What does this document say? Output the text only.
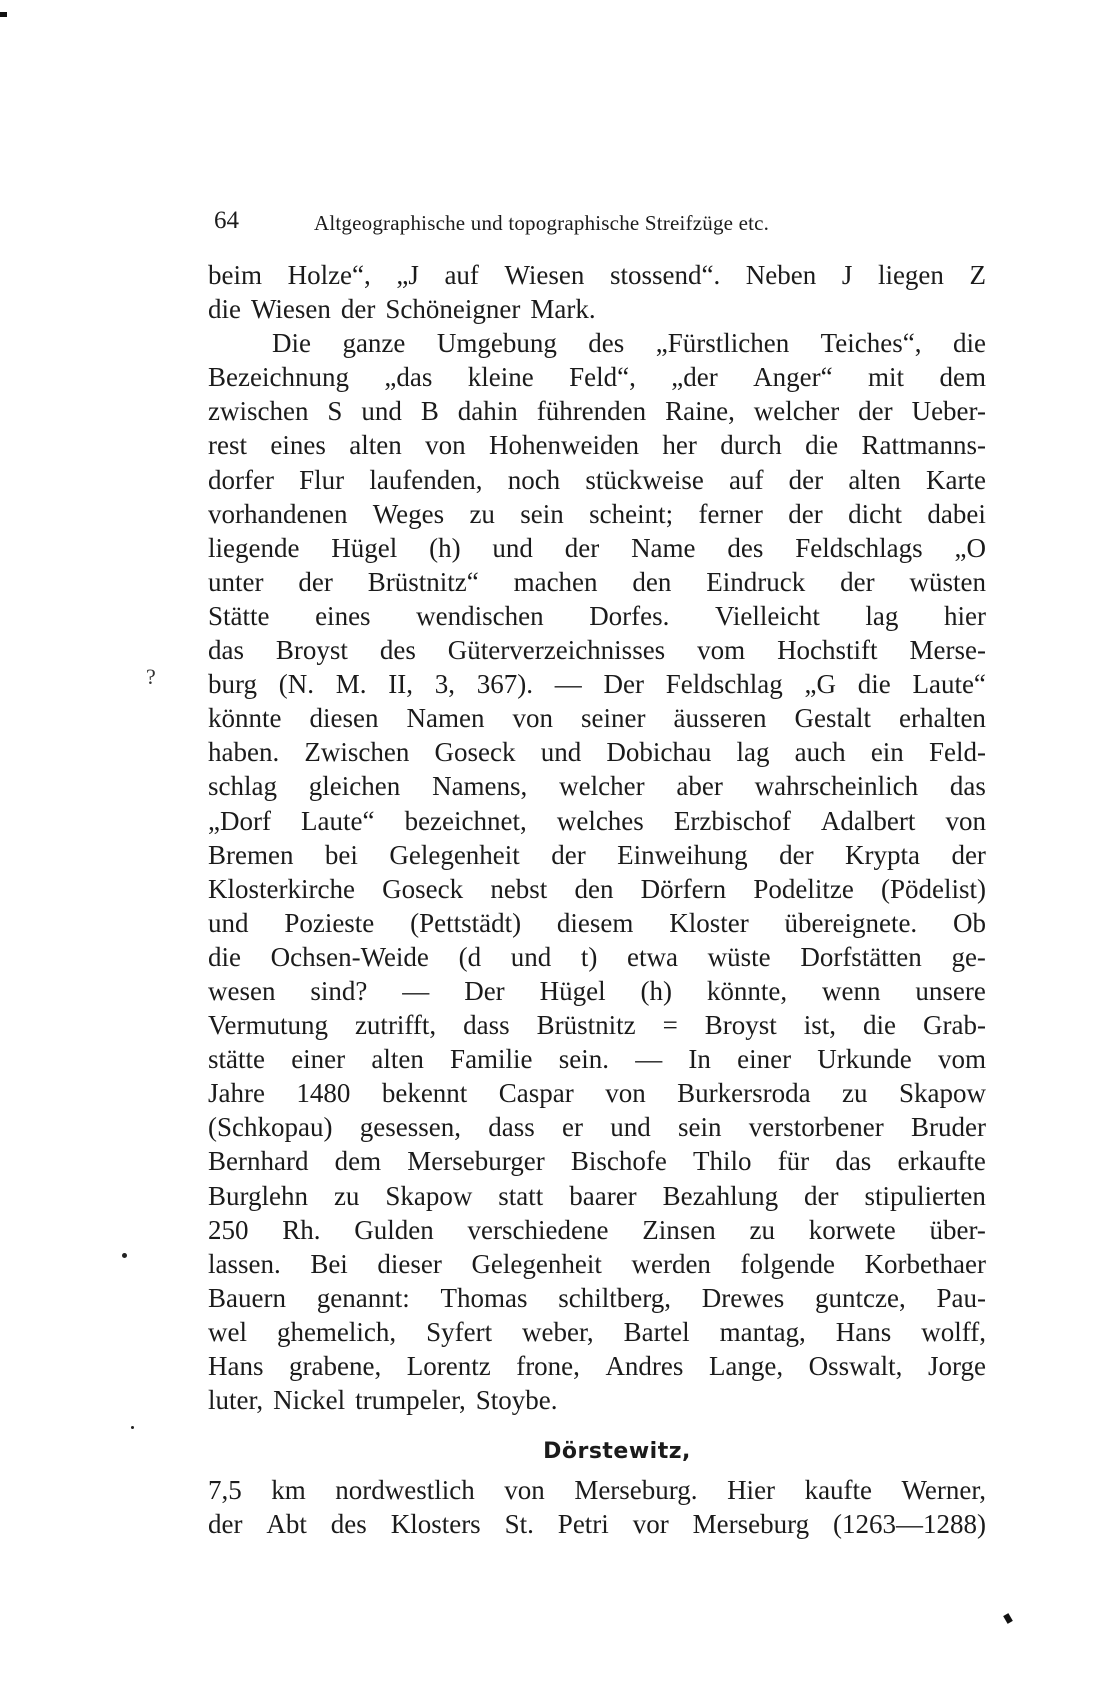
64	Altgeographische und topographische Streifzüge etc.
?
beim Holze“, „J auf Wiesen stossend“. Neben J liegen Z
die Wiesen der Schöneigner Mark.
Die ganze Umgebung des „Fürstlichen Teiches“, die
Bezeichnung „das kleine Feld“, „der Anger“ mit dem
zwischen S und B dahin führenden Raine, welcher der Ueber-
rest eines alten von Hohenweiden her durch die Rattmanns-
dorfer Flur laufenden, noch stückweise auf der alten Karte
vorhandenen Weges zu sein scheint; ferner der dicht dabei
liegende Hügel (h) und der Name des Feldschlags „O
unter der Brüstnitz“ machen den Eindruck der wüsten
Stätte eines wendischen Dorfes. Vielleicht lag hier
das Broyst des Güterverzeichnisses vom Hochstift Merse-
burg (N. M. II, 3, 367). — Der Feldschlag „G die Laute“
könnte diesen Namen von seiner äusseren Gestalt erhalten
haben. Zwischen Goseck und Dobichau lag auch ein Feld-
schlag gleichen Namens, welcher aber wahrscheinlich das
„Dorf Laute“ bezeichnet, welches Erzbischof Adalbert von
Bremen bei Gelegenheit der Einweihung der Krypta der
Klosterkirche Goseck nebst den Dörfern Podelitze (Pödelist)
und Pozieste (Pettstädt) diesem Kloster übereignete. Ob
die Ochsen-Weide (d und t) etwa wüste Dorfstätten ge-
wesen sind? — Der Hügel (h) könnte, wenn unsere
Vermutung zutrifft, dass Brüstnitz = Broyst ist, die Grab-
stätte einer alten Familie sein. — In einer Urkunde vom
Jahre 1480 bekennt Caspar von Burkersroda zu Skapow
(Schkopau) gesessen, dass er und sein verstorbener Bruder
Bernhard dem Merseburger Bischofe Thilo für das erkaufte
Burglehn zu Skapow statt baarer Bezahlung der stipulierten
250 Rh. Gulden verschiedene Zinsen zu korwete über-
lassen. Bei dieser Gelegenheit werden folgende Korbethaer
Bauern genannt: Thomas schiltberg, Drewes guntcze, Pau-
wel ghemelich, Syfert weber, Bartel mantag, Hans wolff,
Hans grabene, Lorentz frone, Andres Lange, Osswalt, Jorge
luter, Nickel trumpeler, Stoybe.
Dörstewitz,
7,5 km nordwestlich von Merseburg. Hier kaufte Werner,
der Abt des Klosters St. Petri vor Merseburg (1263—1288)
